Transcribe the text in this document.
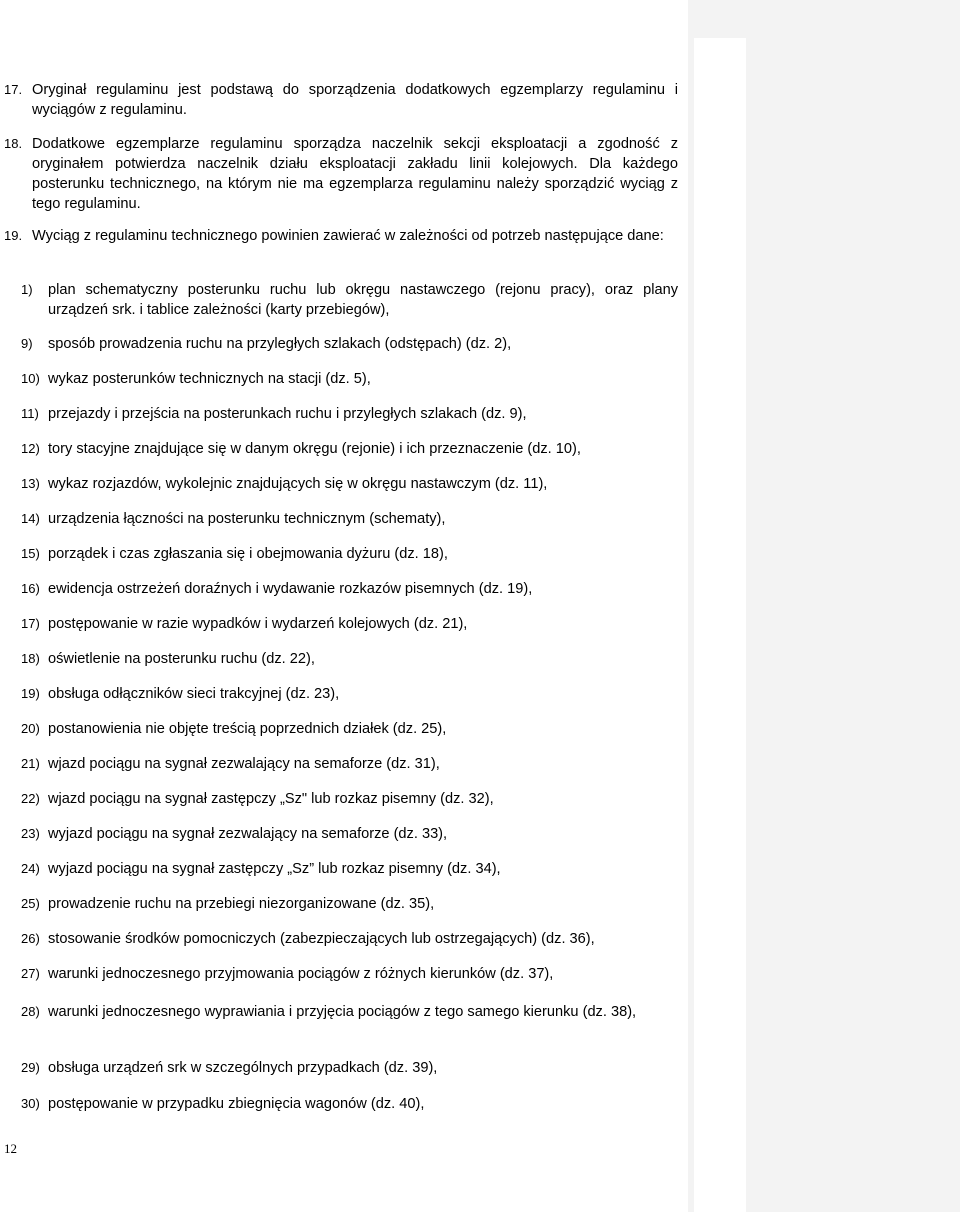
17. Oryginał regulaminu jest podstawą do sporządzenia dodatkowych egzemplarzy regulaminu i wyciągów z regulaminu.
18. Dodatkowe egzemplarze regulaminu sporządza naczelnik sekcji eksploatacji a zgodność z oryginałem potwierdza naczelnik działu eksploatacji zakładu linii kolejowych. Dla każdego posterunku technicznego, na którym nie ma egzemplarza regulaminu należy sporządzić wyciąg z tego regulaminu.
19. Wyciąg z regulaminu technicznego powinien zawierać w zależności od potrzeb następujące dane:
1) plan schematyczny posterunku ruchu lub okręgu nastawczego (rejonu pracy), oraz plany urządzeń srk. i tablice zależności (karty przebiegów),
9) sposób prowadzenia ruchu na przyległych szlakach (odstępach) (dz. 2),
10) wykaz posterunków technicznych na stacji (dz. 5),
11) przejazdy i przejścia na posterunkach ruchu i przyległych szlakach (dz. 9),
12) tory stacyjne znajdujące się w danym okręgu (rejonie) i ich przeznaczenie (dz. 10),
13) wykaz rozjazdów, wykolejnic znajdujących się w okręgu nastawczym (dz. 11),
14) urządzenia łączności na posterunku technicznym (schematy),
15) porządek i czas zgłaszania się i obejmowania dyżuru (dz. 18),
16) ewidencja ostrzeżeń doraźnych i wydawanie rozkazów pisemnych (dz. 19),
17) postępowanie w razie wypadków i wydarzeń kolejowych (dz. 21),
18) oświetlenie na posterunku ruchu (dz. 22),
19) obsługa odłączników sieci trakcyjnej (dz. 23),
20) postanowienia nie objęte treścią poprzednich działek (dz. 25),
21) wjazd pociągu na sygnał zezwalający na semaforze (dz. 31),
22) wjazd pociągu na sygnał zastępczy „Sz" lub rozkaz pisemny (dz. 32),
23) wyjazd pociągu na sygnał zezwalający na semaforze (dz. 33),
24) wyjazd pociągu na sygnał zastępczy „Sz” lub rozkaz pisemny (dz. 34),
25) prowadzenie ruchu na przebiegi niezorganizowane (dz. 35),
26) stosowanie środków pomocniczych (zabezpieczających lub ostrzegających) (dz. 36),
27) warunki jednoczesnego przyjmowania pociągów z różnych kierunków (dz. 37),
28) warunki jednoczesnego wyprawiania i przyjęcia pociągów z tego samego kierunku (dz. 38),
29) obsługa urządzeń srk w szczególnych przypadkach (dz. 39),
30) postępowanie w przypadku zbiegnięcia wagonów (dz. 40),
12
